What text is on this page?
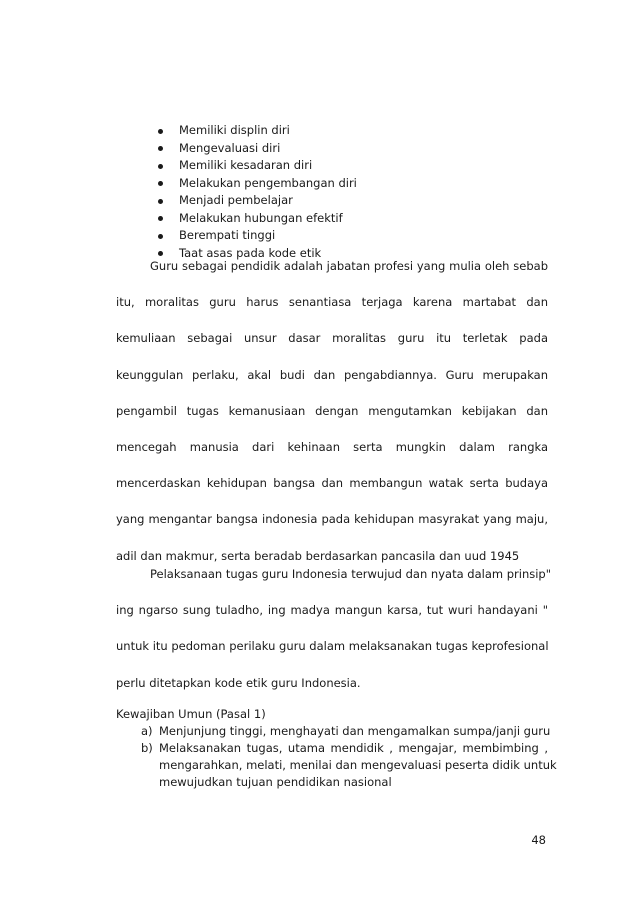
Memiliki displin diri
Mengevaluasi diri
Memiliki kesadaran diri
Melakukan pengembangan diri
Menjadi pembelajar
Melakukan hubungan efektif
Berempati tinggi
Taat asas pada kode etik
Guru sebagai pendidik adalah jabatan profesi yang mulia oleh sebab
itu, moralitas guru harus senantiasa terjaga karena martabat dan
kemuliaan sebagai unsur dasar moralitas guru itu terletak pada
keunggulan perlaku, akal budi dan pengabdiannya. Guru merupakan
pengambil tugas kemanusiaan dengan mengutamkan kebijakan dan
mencegah manusia dari kehinaan serta mungkin dalam rangka
mencerdaskan kehidupan bangsa dan membangun watak serta budaya
yang mengantar bangsa indonesia pada kehidupan masyrakat yang maju,
adil dan makmur, serta beradab berdasarkan pancasila dan uud 1945
Pelaksanaan tugas guru Indonesia terwujud dan nyata dalam prinsip"
ing ngarso sung tuladho, ing madya mangun karsa, tut wuri handayani "
untuk itu pedoman perilaku guru dalam melaksanakan tugas keprofesional
perlu ditetapkan kode etik guru Indonesia.
Kewajiban Umun (Pasal 1)
a) Menjunjung tinggi, menghayati dan mengamalkan sumpa/janji guru
b) Melaksanakan tugas, utama mendidik , mengajar, membimbing ,
mengarahkan, melati, menilai dan mengevaluasi peserta didik untuk
mewujudkan tujuan pendidikan nasional
48
